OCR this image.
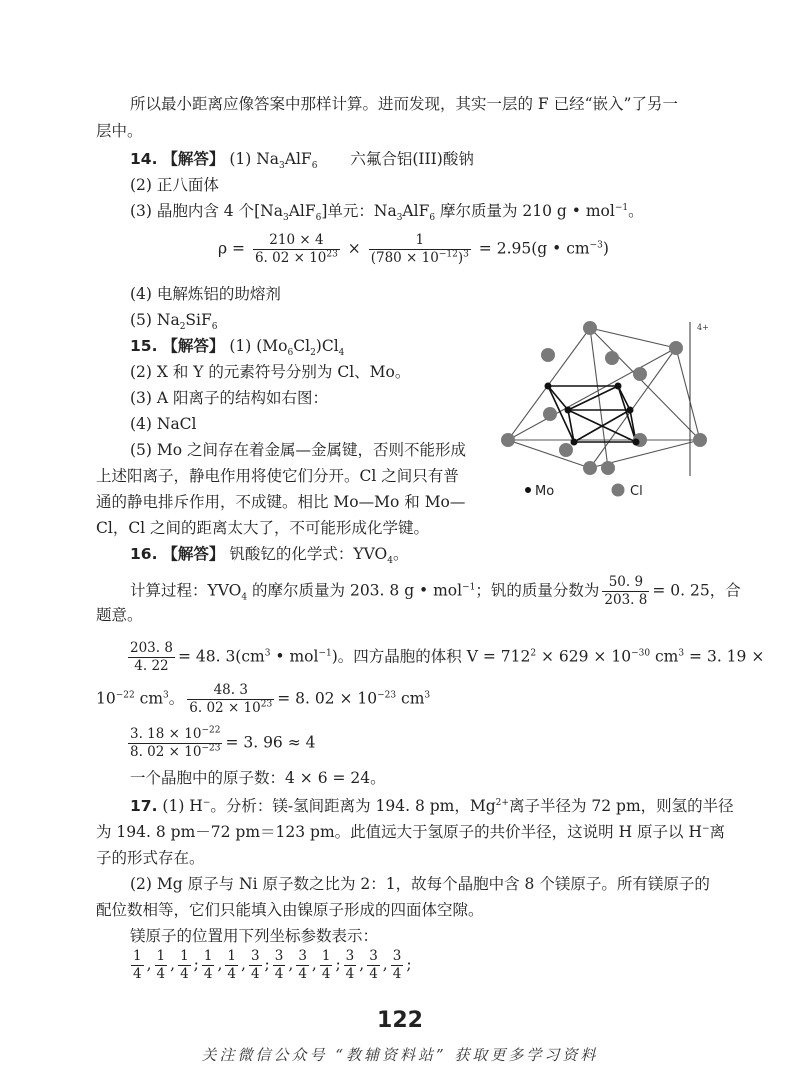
所以最小距离应像答案中那样计算。进而发现，其实一层的 F 已经“嵌入”了另一
层中。
14. 【解答】 (1) $Na_3AlF_6$ 六氟合铝(III)酸钠
(2) 正八面体
(3) 晶胞内含 4 个$[Na_3AlF_6]$单元：$Na_3AlF_6$ 摩尔质量为 210 g • mol$^{-1}$。
$\rho = \frac{210 \times 4}{6. 02 \times 10^{23}} \times \frac{1}{(780 \times 10^{-12})^3} = 2.95(g$ • $cm^{-3}$)
(4) 电解炼铝的助熔剂
(5) $Na_2SiF_6$
15. 【解答】 (1) $(Mo_6Cl_2)Cl_4$
(2) X 和 Y 的元素符号分别为 Cl、Mo。
(3) A 阳离子的结构如右图：
(4) NaCl
(5) Mo 之间存在着金属—金属键，否则不能形成
上述阳离子，静电作用将使它们分开。Cl 之间只有普
通的静电排斥作用，不成键。相比 Mo—Mo 和 Mo—
Cl，Cl 之间的距离太大了，不可能形成化学键。
4+
Mo	Cl
16. 【解答】 钒酸钇的化学式：$YVO_4$。
计算过程：$YVO_4$ 的摩尔质量为 203. 8 g • mol$^{-1}$；钒的质量分数为 $\frac{50. 9}{203. 8} = 0$. 25，合
题意。
$\frac{203. 8}{4. 22} = 48$. $3(cm^3$ • mol$^{-1}$)。四方晶胞的体积 $V = 712^2 \times 629 \times 10^{-30}$ $cm^3 = 3$. 19 ×
$10^{-22}$ $cm^3$。 $\frac{48. 3}{6. 02 \times 10^{23}} = 8$. $02 \times 10^{-23}$ $cm^3$
$\frac{3. 18 \times 10^{-22}}{8. 02 \times 10^{-23}} = 3$. 96 ≈ 4
一个晶胞中的原子数：4 × 6 = 24。
17. (1) H−。分析：镁-氢间距离为 194. 8 pm，$Mg^{2+}$离子半径为 72 pm，则氢的半径
为 194. 8 pm－72 pm＝123 pm。此值远大于氢原子的共价半径，这说明 H 原子以 H−离
子的形式存在。
(2) Mg 原子与 Ni 原子数之比为 2：1，故每个晶胞中含 8 个镁原子。所有镁原子的
配位数相等，它们只能填入由镍原子形成的四面体空隙。
镁原子的位置用下列坐标参数表示：
$\frac{1}{4}$ , $\frac{1}{4}$ , $\frac{1}{4}$ ; $\frac{1}{4}$ , $\frac{1}{4}$ , $\frac{3}{4}$ ; $\frac{3}{4}$ , $\frac{3}{4}$ , $\frac{1}{4}$ ; $\frac{3}{4}$ , $\frac{3}{4}$ , $\frac{3}{4}$ ;
122
关注微信公众号 “教辅资料站” 获取更多学习资料
